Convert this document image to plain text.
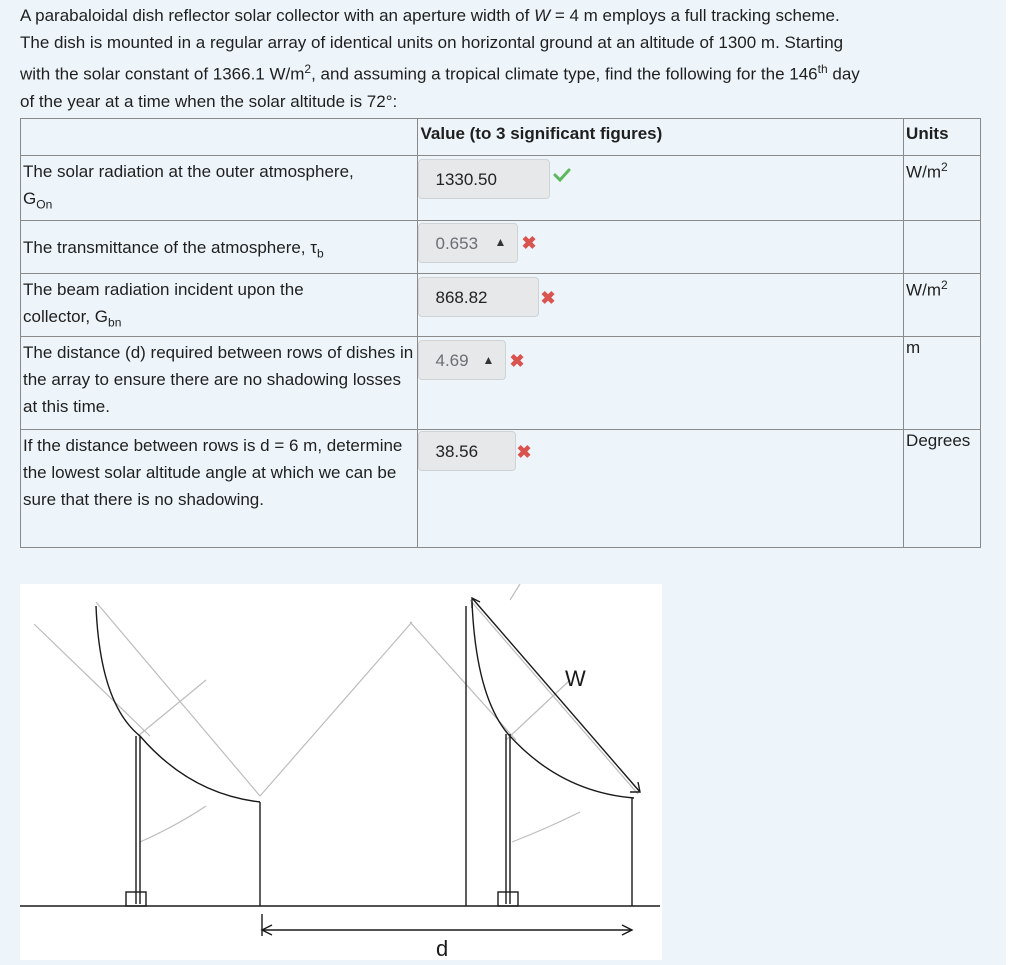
A parabaloidal dish reflector solar collector with an aperture width of W = 4 m employs a full tracking scheme.
The dish is mounted in a regular array of identical units on horizontal ground at an altitude of 1300 m. Starting
with the solar constant of 1366.1 $W/m^2$, and assuming a tropical climate type, find the following for the 146th day
of the year at a time when the solar altitude is 72°:
	Value (to 3 significant figures)	Units

The solar radiation at the outer atmosphere,
$G_{On}$	1330.50	$W/m^2$

The transmittance of the atmosphere, $\tau_b$	0.653 ▲ ✖	

The beam radiation incident upon the
collector, $G_{bn}$	868.82 ✖	$W/m^2$

The distance (d) required between rows of dishes in the array to ensure there are no shadowing losses at this time.	4.69 ▲ ✖	m

If the distance between rows is d = 6 m, determine the lowest solar altitude angle at which we can be sure that there is no shadowing.	38.56 ✖	Degrees
W
d
